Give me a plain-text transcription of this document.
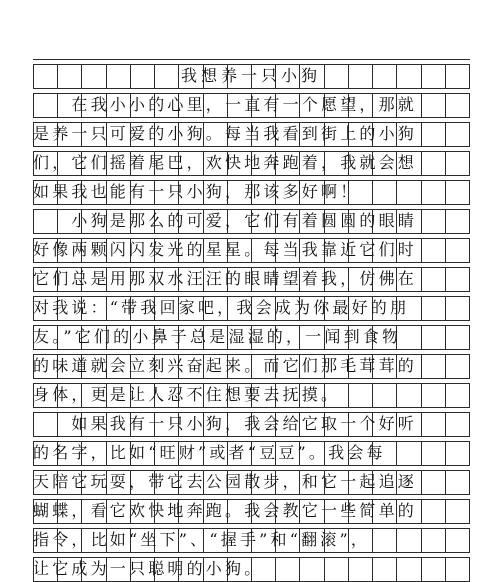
我想养一只小狗
　　在我小小的心里，一直有一个愿望，那就
是养一只可爱的小狗。每当我看到街上的小狗
们，它们摇着尾巴，欢快地奔跑着，我就会想
如果我也能有一只小狗，那该多好啊！
　　小狗是那么的可爱，它们有着圆圆的眼睛
好像两颗闪闪发光的星星。每当我靠近它们时
它们总是用那双水汪汪的眼睛望着我，仿佛在
对我说：“带我回家吧，我会成为你最好的朋
友。”它们的小鼻子总是湿湿的，一闻到食物
的味道就会立刻兴奋起来。而它们那毛茸茸的
身体，更是让人忍不住想要去抚摸。
　　如果我有一只小狗，我会给它取一个好听
的名字，比如“旺财”或者“豆豆”。我会每
天陪它玩耍，带它去公园散步，和它一起追逐
蝴蝶，看它欢快地奔跑。我会教它一些简单的
指令，比如“坐下”、“握手”和“翻滚”，
让它成为一只聪明的小狗。
